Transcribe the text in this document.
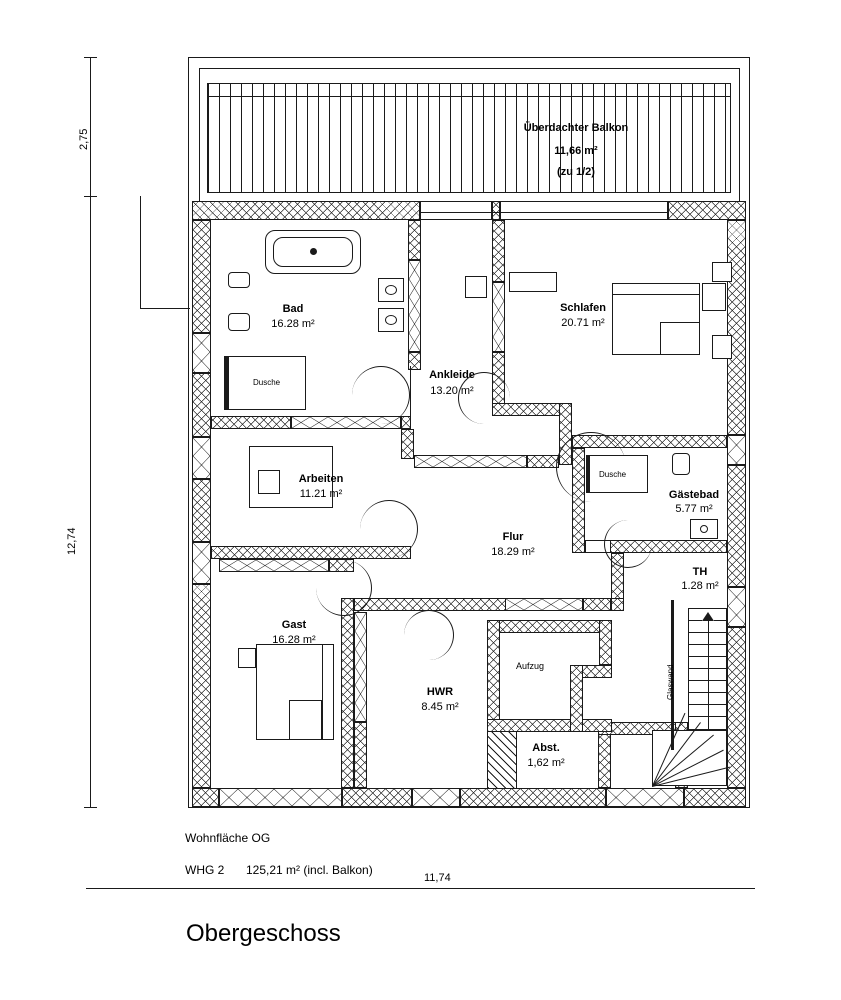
2,75
12,74
11,74
Überdachter Balkon
11,66 m²
(zu 1/2)
Dusche
Dusche
Glaswand
Bad
16.28 m²
Schlafen
20.71 m²
Ankleide
13.20 m²
Arbeiten
11.21 m²	Gästebad
5.77 m²
Flur
18.29 m²
TH
1.28 m²
Gast
16.28 m²
HWR
8.45 m²
Abst.
1,62 m²
Aufzug
Wohnfläche OG
WHG 2 125,21 m² (incl. Balkon)
Obergeschoss
